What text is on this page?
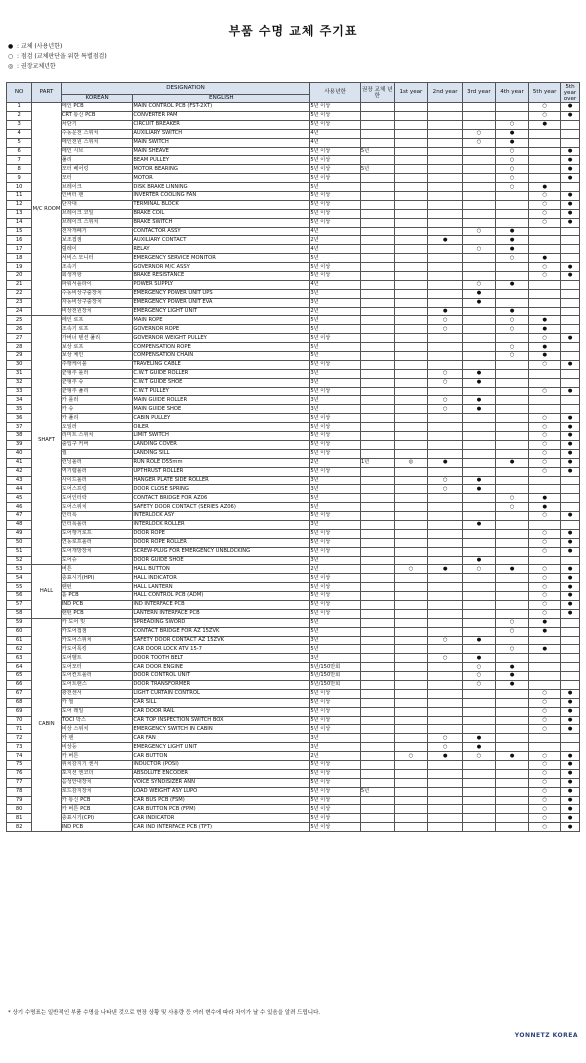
부품 수명 교체 주기표
● : 교체 (사용년한)
○ : 점검 (교체판단을 위한 특별점검)
◎ : 권장교체년한
NO	PART	DESIGNATION		사용년한	권장 교체 년한	1st year	2nd year	3rd year	4th year	5th year	5th year over
		KOREAN	ENGLISH								
1	M/C ROOM	메인 PCB	MAIN CONTROL PCB (FST-2XT)	5년 이상						○	●
2		CRT 통신 PCB	CONVERTER PAM	5년 이상						○	●
3		차단기	CIRCUIT BREAKER	5년 이상					○	●	
4		수동운전 스위치	AUXILIARY SWITCH	4년				○	●		
5		메인전원 스위치	MAIN SWITCH	4년				○	●		
6		메인 시브	MAIN SHEAVE	5년 이상	5년				○		●
7		풀리	BEAM PULLEY	5년 이상					○		●
8		모터 베어링	MOTOR BEARING	5년 이상	5년				○		●
9		모터	MOTOR	5년 이상					○		●
10		브레이크	DISK BRAKE LINNING	5년					○	●	
11		인버터 팬	INVERTER COOLING FAN	5년 이상						○	●
12		단자대	TERMINAL BLOCK	5년 이상						○	●
13		브레이크 코일	BRAKE COIL	5년 이상						○	●
14		브레이크 스위치	BRAKE SWITCH	5년 이상						○	●
15		전자개폐기	CONTACTOR ASSY	4년				○	●		
16		보조접점	AUXILIARY CONTACT	2년			●		●		
17		릴레이	RELAY	4년				○	●		
18		서비스 모니터	EMERGENCY SERVICE MONITOR	5년					○	●	
19		조속기	GOVERNOR M/C ASSY	5년 이상						○	●
20		회생저항	BRAKE RESISTANCE	5년 이상						○	●
21		파워서플라이	POWER SUPPLY	4년				○	●		
22		수동비상구출장치	EMERGENCY POWER UNIT UPS	3년				●			
23		자동비상구출장치	EMERGENCY POWER UNIT EVA	3년				●			
24		비상전원장치	EMERGENCY LIGHT UNIT	2년			●		●		
25	SHAFT	메인 로프	MAIN ROPE	5년			○		○	●	
26		조속기 로프	GOVERNOR ROPE	5년			○		○	●	
27		가버너 텐션 풀리	GOVERNOR WEIGHT PULLEY	5년 이상						○	●
28		보상 로프	COMPENSATION ROPE	5년					○	●	
29		보상 체인	COMPENSATION CHAIN	5년					○	●	
30		주행케이블	TRAVELING CABLE	5년 이상						○	●
31		균형추 롤러	C.W.T GUIDE ROLLER	3년			○	●			
32		균형추 슈	C.W.T GUIDE SHOE	3년			○	●			
33		균형추 풀리	C.W.T PULLEY	5년 이상						○	●
34		카 롤러	MAIN GUIDE ROLLER	3년			○	●			
35		카 슈	MAIN GUIDE SHOE	3년			○	●			
36		카 풀리	CABIN PULLEY	5년 이상						○	●
37		오일러	OILER	5년 이상						○	●
38		리미트 스위치	LIMIT SWITCH	5년 이상						○	●
39		출입구 커버	LANDING COVER	5년 이상						○	●
40		씰	LANDING SILL	5년 이상						○	●
41		런닝롤러	RUN ROLE D55mm	2년	1년	◎	●		●	○	●
42		역기램롤러	UPTHRUST ROLLER	5년 이상						○	●
43		사이드롤러	HANGER PLATE SIDE ROLLER	3년			○	●			
44		도어스프링	DOOR CLOSE SPRING	3년			○	●			
45		도어인터락	CONTACT BRIDGE FOR AZ06	5년					○	●	
46		도어스위치	SAFETY DOOR CONTACT (SERIES AZ06)	5년					○	●	
47		인터록	INTERLOCK ASY	5년 이상						○	●
48		인터록롤러	INTERLOCK ROLLER	3년				●			
49		도어행거로프	DOOR ROPE	5년 이상						○	●
50		연동로프롤러	DOOR ROPE ROLLER	5년 이상						○	●
51		도어개방장치	SCREW-PLUG FOR EMERGENCY UNBLOCKING	5년 이상						○	●
52		도어슈	DOOR GUIDE SHOE	3년				●			
53	HALL	버튼	HALL BUTTON	2년		○	●	○	●	○	●
54		층표시기(HPI)	HALL INDICATOR	5년 이상						○	●
55		랜턴	HALL LANTERN	5년 이상						○	●
56		홀 PCB	HALL CONTROL PCB (ADM)	5년 이상						○	●
57		IND PCB	IND INTERFACE PCB	5년 이상						○	●
58		랜턴 PCB	LANTERN INTERFACE PCB	5년 이상						○	●
59	CABIN	카 도어 빗	SPREADING SWORD	5년					○	●	
60		카도어접점	CONTACT BRIDGE FOR AZ 15ZVK	5년					○	●	
61		카도어스위치	SAFETY DOOR CONTACT AZ 15ZVK	3년			○	●			
62		카도어록킹	CAR DOOR LOCK ATV 15-7	5년					○	●	
63		도어벨트	DOOR TOOTH BELT	3년			○	●			
64		도어모터	CAR DOOR ENGINE	5년/150만회				○	●		
65		도어컨트롤러	DOOR CONTROL UNIT	5년/150만회				○	●		
66		도어트랜스	DOOR TRANSFORMER	5년/150만회				○	●		
67		광전센서	LIGHT CURTAIN CONTROL	5년 이상						○	●
68		카 씰	CAR SILL	5년 이상						○	●
69		도어 레일	CAR DOOR RAIL	5년 이상						○	●
70		TOCI 박스	CAR TOP INSPECTION SWITCH BOX	5년 이상						○	●
71		비상 스위치	EMERGENCY SWITCH IN CABIN	5년 이상						○	●
72		카 팬	CAR FAN	3년			○	●			
73		비상등	EMERGENCY LIGHT UNIT	3년			○	●			
74		카 버튼	CAR BUTTON	2년		○	●	○	●	○	●
75		위치감지기 센서	INDUCTOR (POSI)	5년 이상						○	●
76		포지션 엔코더	ABSOLUTE ENCODER	5년 이상						○	●
77		음성안내장치	VOICE SYNDISIZER ANN	5년 이상						○	●
78		로드감지장치	LOAD WEIGHT ASY LUPO	5년 이상	5년					○	●
79		카 통신 PCB	CAR BUS PCB (FSM)	5년 이상						○	●
80		카 버튼 PCB	CAR BUTTON PCB (FPM)	5년 이상						○	●
81		층표시기(CPI)	CAR INDICATOR	5년 이상						○	●
82		IND PCB	CAR IND INTERFACE PCB (TFT)	5년 이상						○	●
* 상기 수명표는 일반적인 부품 수명을 나타낸 것으로 현장 상황 및 사용량 등 여러 변수에 따라 차이가 날 수 있음을 알려 드립니다.
YONNETZ KOREA
